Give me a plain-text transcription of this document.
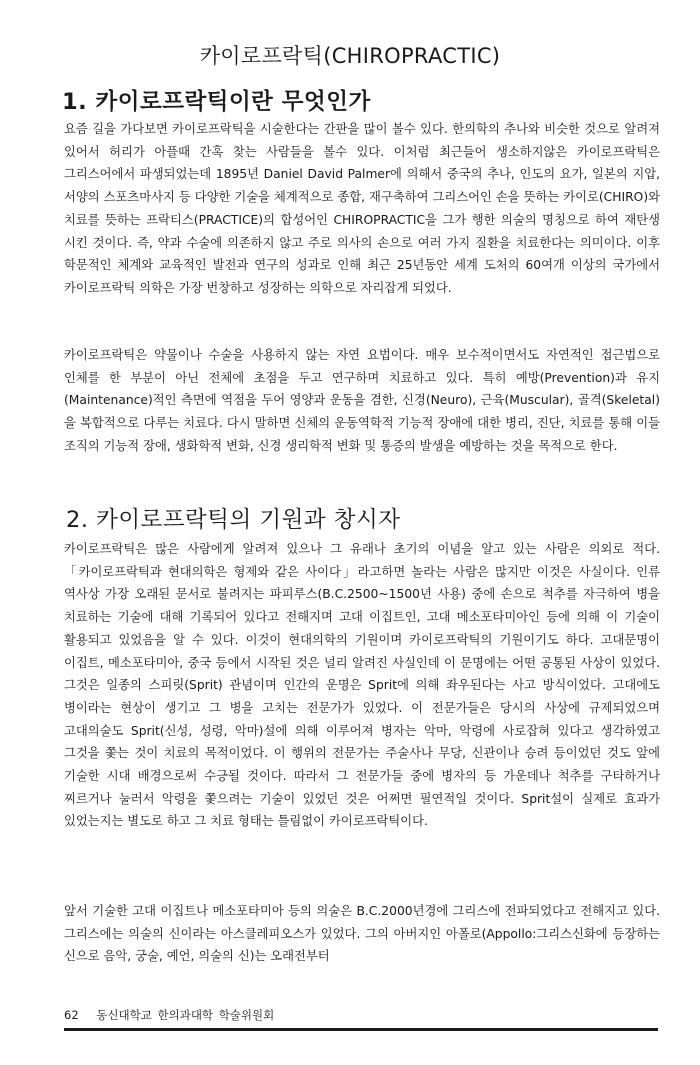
카이로프락틱(CHIROPRACTIC)
1. 카이로프락틱이란 무엇인가

요즘 길을 가다보면 카이로프락틱을 시술한다는 간판을 많이 볼수 있다. 한의학의 추나와 비슷한 것으로 알려져 있어서 허리가 아플때 간혹 찾는 사람들을 볼수 있다. 이처럼 최근들어 생소하지않은 카이로프락틱은 그리스어에서 파생되었는데 1895년 Daniel David Palmer에 의해서 중국의 추나, 인도의 요가, 일본의 지압, 서양의 스포츠마사지 등 다양한 기술을 체계적으로 종합, 재구축하여 그리스어인 손을 뜻하는 카이로(CHIRO)와 치료를 뜻하는 프락티스(PRACTICE)의 합성어인 CHIROPRACTIC을 그가 행한 의술의 명칭으로 하여 재탄생 시킨 것이다. 즉, 약과 수술에 의존하지 않고 주로 의사의 손으로 여러 가지 질환을 치료한다는 의미이다. 이후 학문적인 체계와 교육적인 발전과 연구의 성과로 인해 최근 25년동안 세계 도처의 60여개 이상의 국가에서 카이로프락틱 의학은 가장 번창하고 성장하는 의학으로 자리잡게 되었다.

카이로프락틱은 약물이나 수술을 사용하지 않는 자연 요법이다. 매우 보수적이면서도 자연적인 접근법으로 인체를 한 부분이 아닌 전체에 초점을 두고 연구하며 치료하고 있다. 특히 예방(Prevention)과 유지(Maintenance)적인 측면에 역점을 두어 영양과 운동을 겸한, 신경(Neuro), 근육(Muscular), 골격(Skeletal)을 복합적으로 다루는 치료다. 다시 말하면 신체의 운동역학적 기능적 장애에 대한 병리, 진단, 치료를 통해 이들 조직의 기능적 장애, 생화학적 변화, 신경 생리학적 변화 및 통증의 발생을 예방하는 것을 목적으로 한다.

2. 카이로프락틱의 기원과 창시자

카이로프락틱은 많은 사람에게 알려져 있으나 그 유래나 초기의 이념을 알고 있는 사람은 의외로 적다. 「카이로프락틱과 현대의학은 형제와 같은 사이다」라고하면 놀라는 사람은 많지만 이것은 사실이다. 인류 역사상 가장 오래된 문서로 불려지는 파피루스(B.C.2500~1500년 사용) 중에 손으로 척추를 자극하여 병을 치료하는 기술에 대해 기록되어 있다고 전해지며 고대 이집트인, 고대 메소포타미아인 등에 의해 이 기술이 활용되고 있었음을 알 수 있다. 이것이 현대의학의 기원이며 카이로프락틱의 기원이기도 하다. 고대문명이 이집트, 메소포타미아, 중국 등에서 시작된 것은 널리 알려진 사실인데 이 문명에는 어떤 공통된 사상이 있었다. 그것은 일종의 스피릿(Sprit) 관념이며 인간의 운명은 Sprit에 의해 좌우된다는 사고 방식이었다. 고대에도 병이라는 현상이 생기고 그 병을 고치는 전문가가 있었다. 이 전문가들은 당시의 사상에 규제되었으며 고대의술도 Sprit(신성, 성령, 악마)설에 의해 이루어져 병자는 악마, 악령에 사로잡혀 있다고 생각하였고 그것을 쫓는 것이 치료의 목적이었다. 이 행위의 전문가는 주술사나 무당, 신관이나 승려 등이었던 것도 앞에 기술한 시대 배경으로써 수긍될 것이다. 따라서 그 전문가들 중에 병자의 등 가운데나 척추를 구타하거나 찌르거나 눌러서 악령을 쫓으려는 기술이 있었던 것은 어쩌면 필연적일 것이다. Sprit설이 실제로 효과가 있었는지는 별도로 하고 그 치료 형태는 틀림없이 카이로프락틱이다.

앞서 기술한 고대 이집트나 메소포타미아 등의 의술은 B.C.2000년경에 그리스에 전파되었다고 전해지고 있다. 그리스에는 의술의 신이라는 아스클레피오스가 있었다. 그의 아버지인 아폴로(Appollo:그리스신화에 등장하는 신으로 음악, 궁술, 예언, 의술의 신)는 오래전부터

62 동신대학교 한의과대학 학술위원회
